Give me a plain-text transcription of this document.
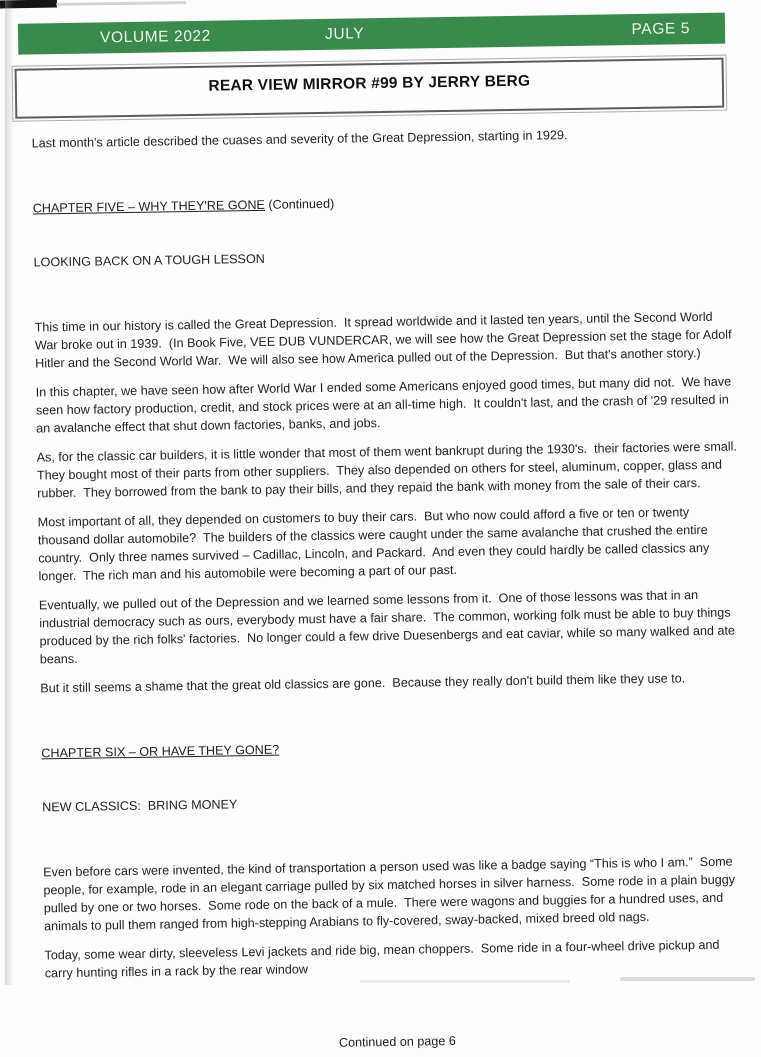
VOLUME 2022	JULY	PAGE 5
REAR VIEW MIRROR #99 BY JERRY BERG

Last month's article described the cuases and severity of the Great Depression, starting in 1929.

CHAPTER FIVE – WHY THEY'RE GONE (Continued)

LOOKING BACK ON A TOUGH LESSON

This time in our history is called the Great Depression.  It spread worldwide and it lasted ten years, until the Second World War broke out in 1939.  (In Book Five, VEE DUB VUNDERCAR, we will see how the Great Depression set the stage for Adolf Hitler and the Second World War.  We will also see how America pulled out of the Depression.  But that's another story.)

In this chapter, we have seen how after World War I ended some Americans enjoyed good times, but many did not.  We have seen how factory production, credit, and stock prices were at an all-time high.  It couldn't last, and the crash of '29 resulted in an avalanche effect that shut down factories, banks, and jobs.

As, for the classic car builders, it is little wonder that most of them went bankrupt during the 1930's.  their factories were small.  They bought most of their parts from other suppliers.  They also depended on others for steel, aluminum, copper, glass and rubber.  They borrowed from the bank to pay their bills, and they repaid the bank with money from the sale of their cars.

Most important of all, they depended on customers to buy their cars.  But who now could afford a five or ten or twenty thousand dollar automobile?  The builders of the classics were caught under the same avalanche that crushed the entire country.  Only three names survived – Cadillac, Lincoln, and Packard.  And even they could hardly be called classics any longer.  The rich man and his automobile were becoming a part of our past.

Eventually, we pulled out of the Depression and we learned some lessons from it.  One of those lessons was that in an industrial democracy such as ours, everybody must have a fair share.  The common, working folk must be able to buy things produced by the rich folks' factories.  No longer could a few drive Duesenbergs and eat caviar, while so many walked and ate beans.

But it still seems a shame that the great old classics are gone.  Because they really don't build them like they use to.

CHAPTER SIX – OR HAVE THEY GONE?

NEW CLASSICS:  BRING MONEY

Even before cars were invented, the kind of transportation a person used was like a badge saying “This is who I am.”  Some people, for example, rode in an elegant carriage pulled by six matched horses in silver harness.  Some rode in a plain buggy pulled by one or two horses.  Some rode on the back of a mule.  There were wagons and buggies for a hundred uses, and animals to pull them ranged from high-stepping Arabians to fly-covered, sway-backed, mixed breed old nags.

Today, some wear dirty, sleeveless Levi jackets and ride big, mean choppers.  Some ride in a four-wheel drive pickup and carry hunting rifles in a rack by the rear window

Continued on page 6
